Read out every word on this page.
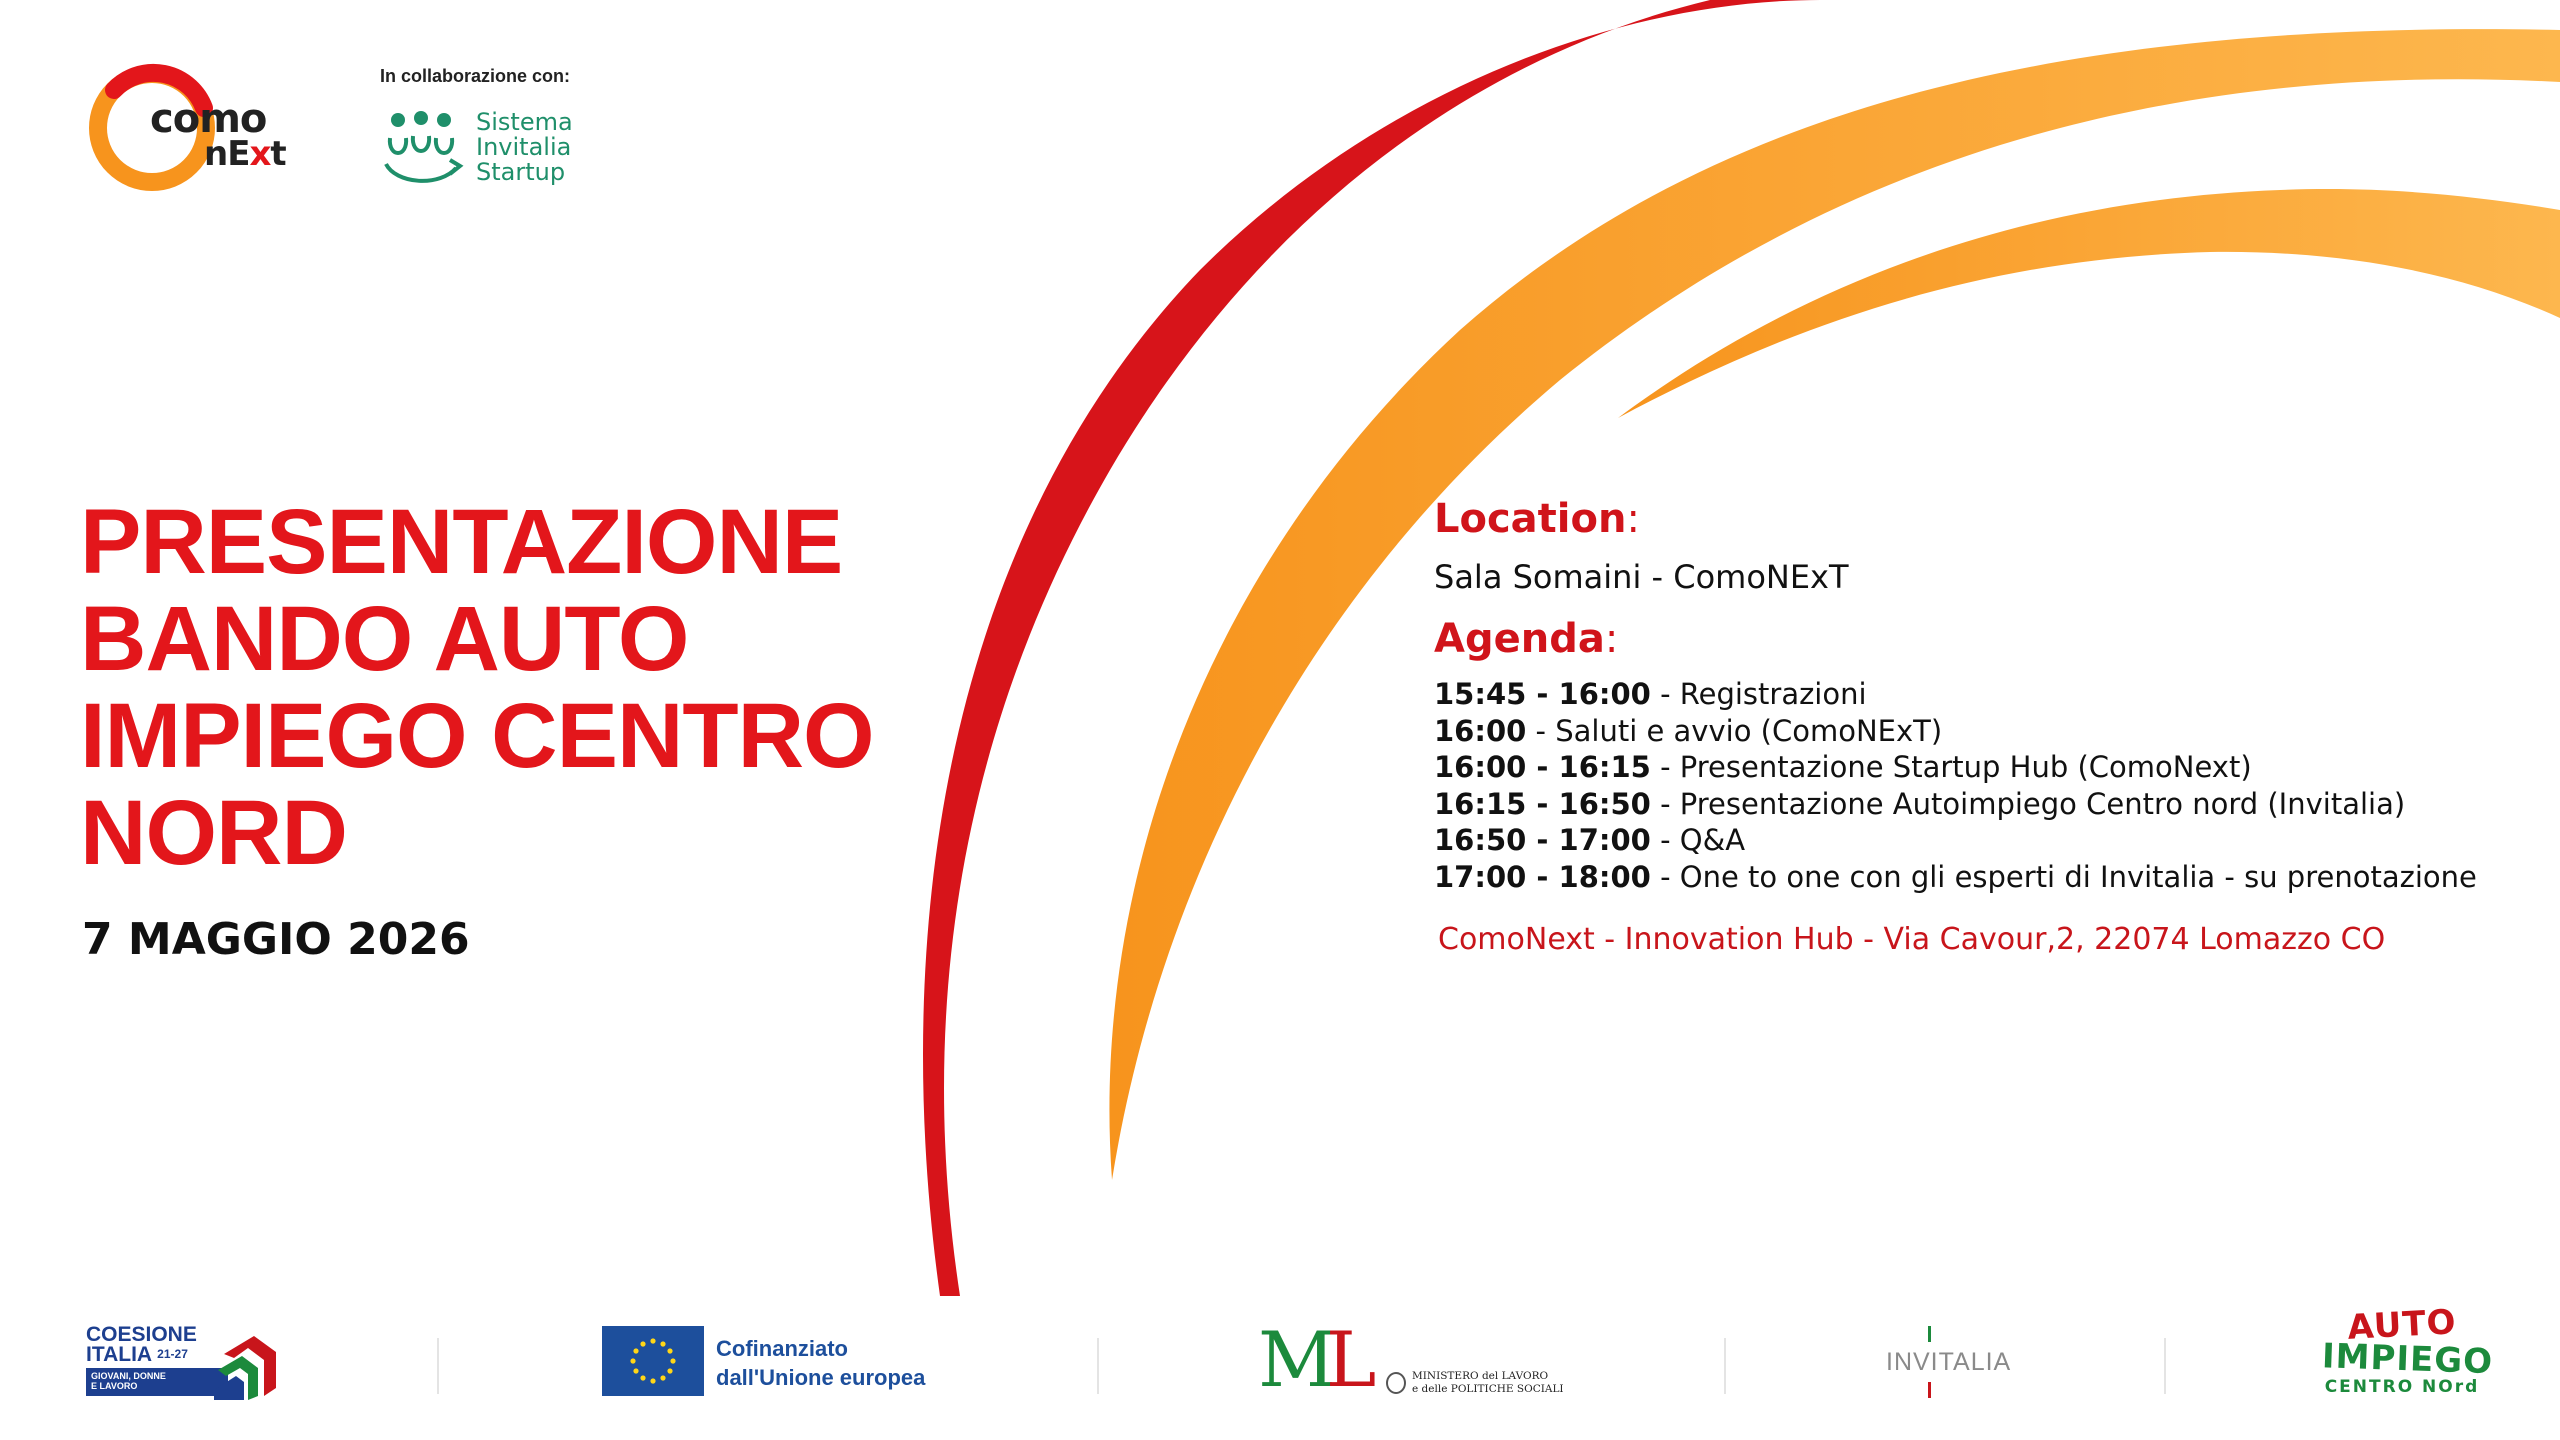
como
nExt
In collaborazione con:
Sistema
Invitalia
Startup
PRESENTAZIONE
BANDO AUTO
IMPIEGO CENTRO
NORD
7 MAGGIO 2026

Location:

Sala Somaini - ComoNExT

Agenda:

15:45 - 16:00 - Registrazioni
16:00 - Saluti e avvio (ComoNExT)
16:00 - 16:15 - Presentazione Startup Hub (ComoNext)
16:15 - 16:50 - Presentazione Autoimpiego Centro nord (Invitalia)
16:50 - 17:00 - Q&A
17:00 - 18:00 - One to one con gli esperti di Invitalia - su prenotazione
ComoNext - Innovation Hub - Via Cavour,2, 22074 Lomazzo CO
COESIONE
ITALIA $^{21-27}$
GIOVANI, DONNE
E LAVORO
Cofinanziato
dall'Unione europea	ML	MINISTERO del LAVORO
e delle POLITICHE SOCIALI
INVITALIA
AUTO
IMPIEGO
CENTRO NOrd
